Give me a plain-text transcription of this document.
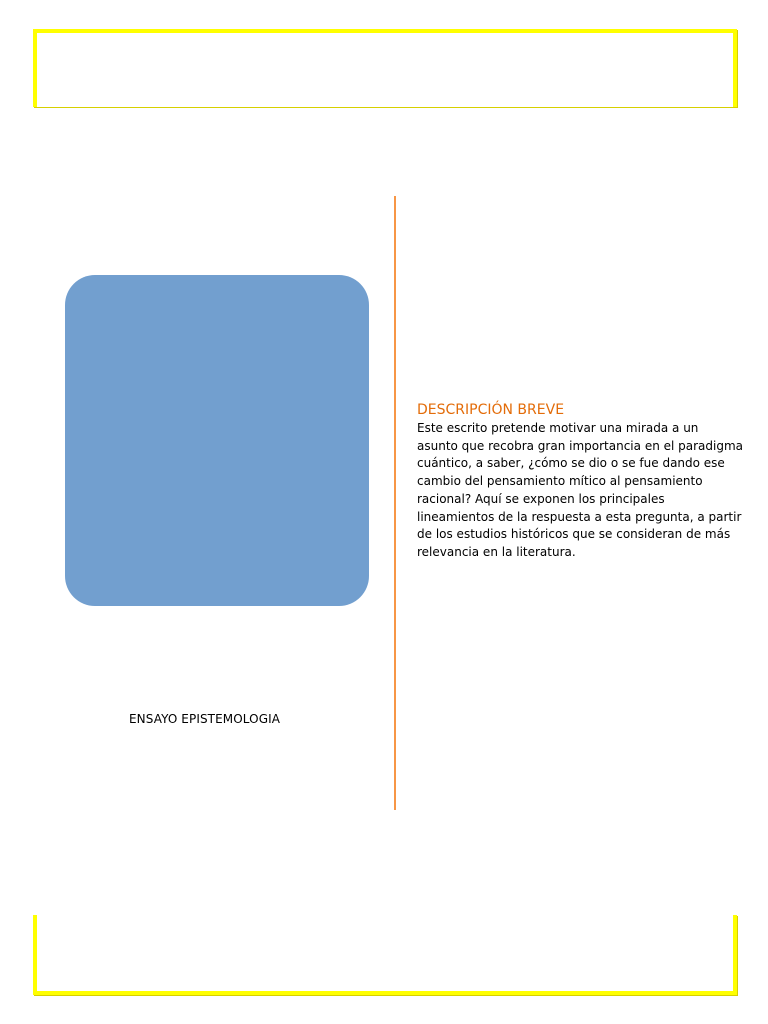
ENSAYO EPISTEMOLOGIA

DESCRIPCIÓN BREVE

Este escrito pretende motivar una mirada a un asunto que recobra gran importancia en el paradigma cuántico, a saber, ¿cómo se dio o se fue dando ese cambio del pensamiento mítico al pensamiento racional? Aquí se exponen los principales lineamientos de la respuesta a esta pregunta, a partir de los estudios históricos que se consideran de más relevancia en la literatura.
